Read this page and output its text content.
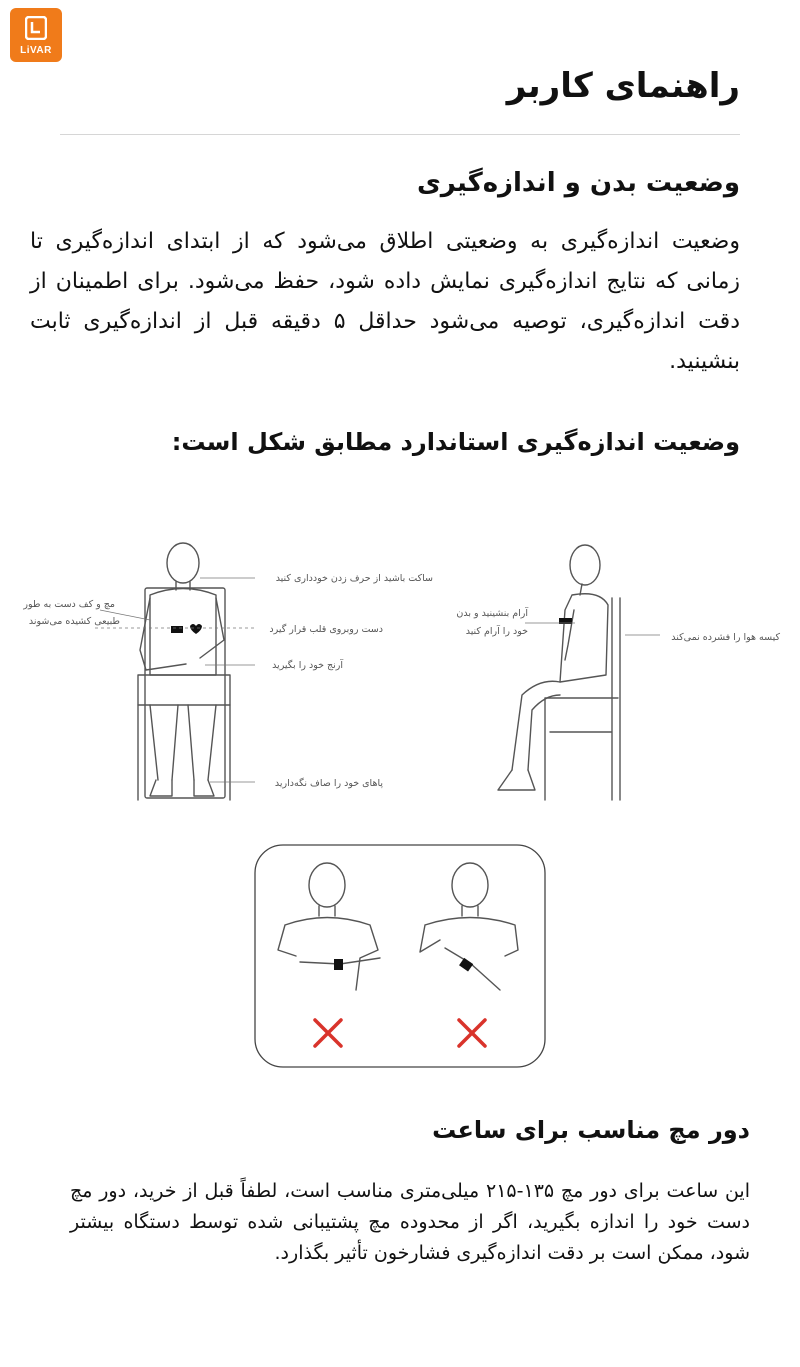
LiVAR
راهنمای کاربر
وضعیت بدن و اندازه‌گیری
وضعیت اندازه‌گیری به وضعیتی اطلاق می‌شود که از ابتدای اندازه‌گیری تا زمانی که نتایج اندازه‌گیری نمایش داده شود، حفظ می‌شود. برای اطمینان از دقت اندازه‌گیری، توصیه می‌شود حداقل ۵ دقیقه قبل از اندازه‌گیری ثابت بنشینید.
وضعیت اندازه‌گیری استاندارد مطابق شکل است:
ساکت باشید از حرف زدن خودداری کنید
مچ و کف دست به طور
طبیعی کشیده می‌شوند
دست روبروی قلب قرار گیرد
آرنج خود را بگیرید
پاهای خود را صاف نگه‌دارید
آرام بنشینید و بدن
خود را آرام کنید
کیسه هوا را فشرده نمی‌کند
دور مچ مناسب برای ساعت
این ساعت برای دور مچ ۱۳۵-۲۱۵ میلی‌متری مناسب است، لطفاً قبل از خرید، دور مچ دست خود را اندازه بگیرید، اگر از محدوده مچ پشتیبانی شده توسط دستگاه بیشتر شود، ممکن است بر دقت اندازه‌گیری فشارخون تأثیر بگذارد.
